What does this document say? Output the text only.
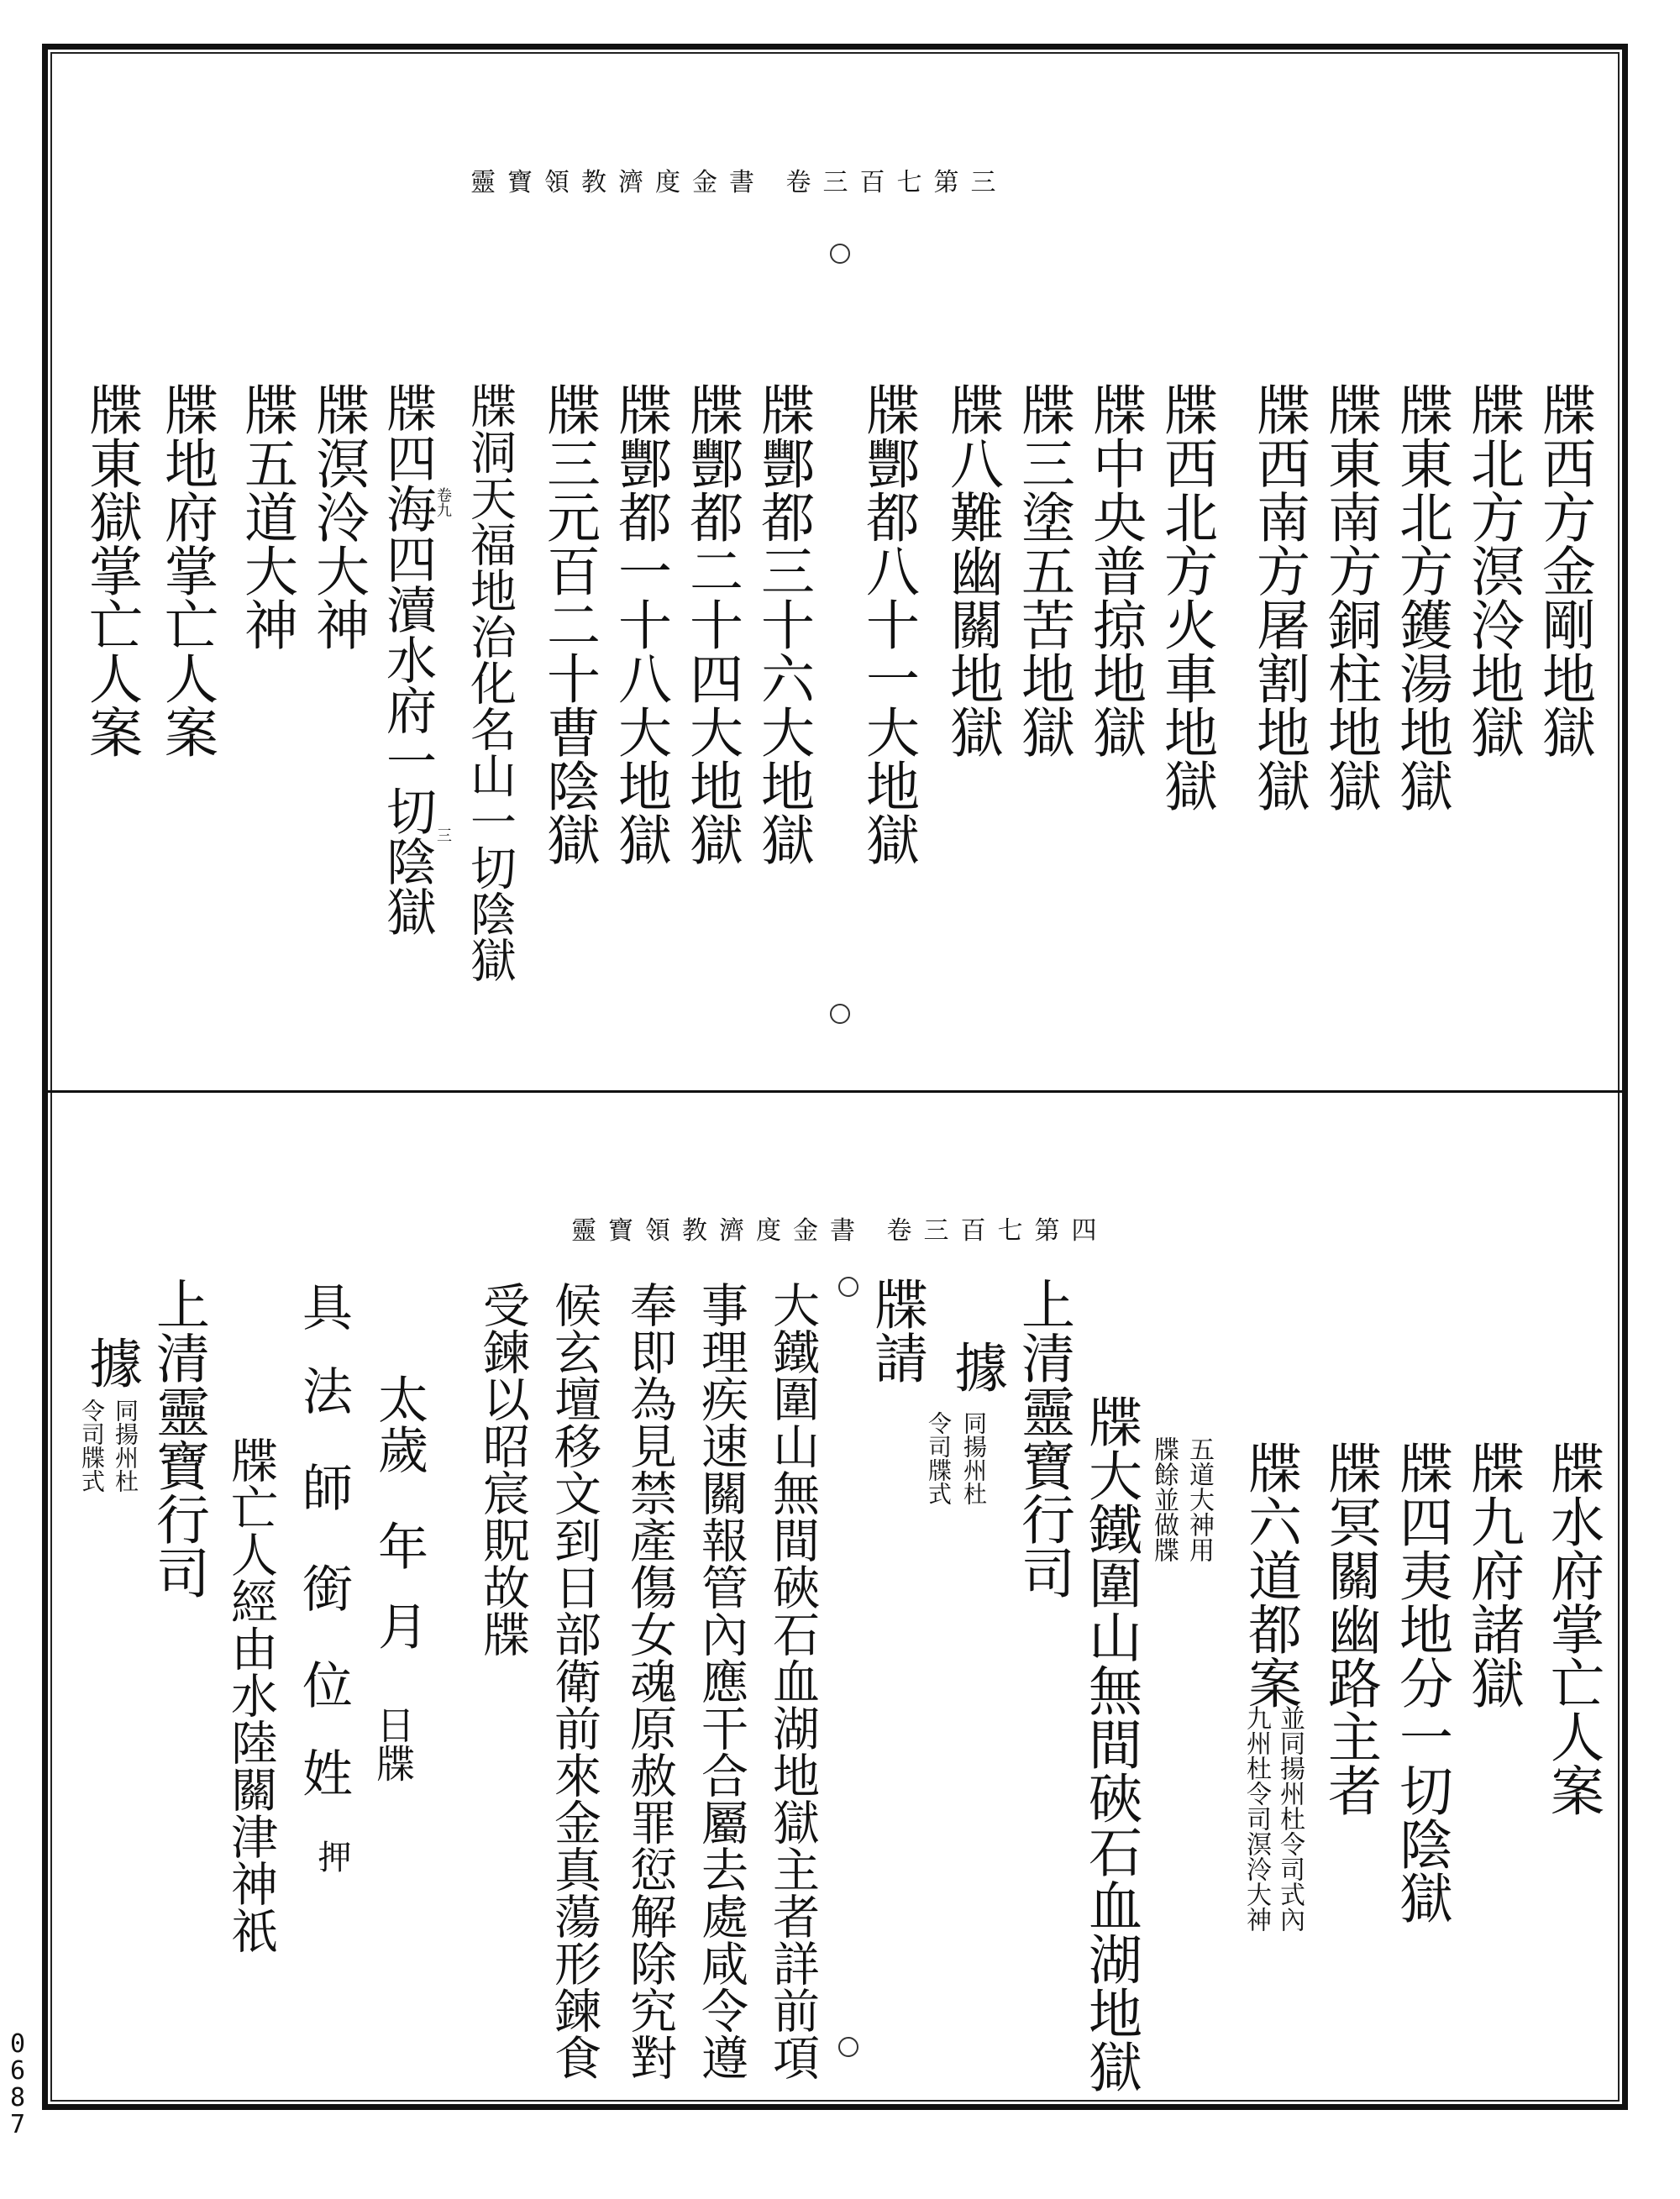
靈寶領教濟度金書 卷三百七第三
牒西方金剛地獄
牒北方溟泠地獄
牒東北方鑊湯地獄
牒東南方銅柱地獄
牒西南方屠割地獄
牒西北方火車地獄
牒中央普掠地獄
牒三塗五苦地獄
牒八難幽關地獄
牒酆都八十一大地獄
牒酆都三十六大地獄
牒酆都二十四大地獄
牒酆都一十八大地獄
牒三元百二十曹陰獄
牒洞天福地治化名山一切陰獄
牒四海四瀆水府一切陰獄
牒溟泠大神
牒五道大神
牒地府掌亡人案
牒東獄掌亡人案	卷九
三
靈寶領教濟度金書 卷三百七第四
牒水府掌亡人案
牒九府諸獄
牒四夷地分一切陰獄
牒冥關幽路主者
牒六道都案
並同揚州杜令司式內
九州杜令司溟泠大神
五道大神用
牒餘並做牒
牒大鐵圍山無間硤石血湖地獄
上清靈寶行司
據
同揚州杜
令司牒式
牒請
大鐵圍山無間硤石血湖地獄主者詳前項
事理疾速關報管內應干合屬去處咸令遵
奉即為見禁產傷女魂原赦罪愆解除究對
候玄壇移文到日部衛前來金真蕩形鍊食
受鍊以昭宸貺故牒
太歲
年
月
日牒
具
法
師
銜
位
姓
押
牒亡人經由水陸關津神祇
上清靈寶行司
據
同揚州杜
令司牒式
0
6
8
7
